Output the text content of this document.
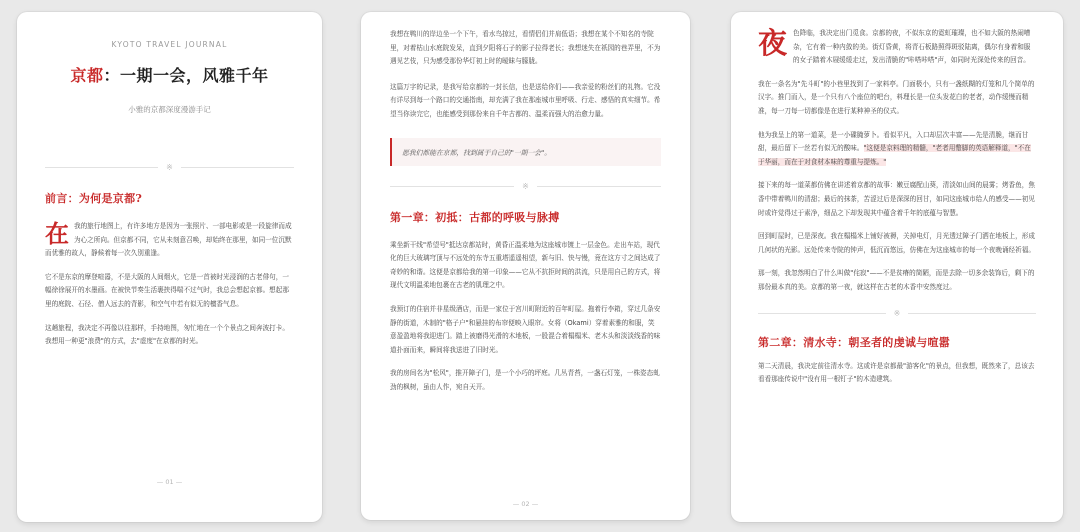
KYOTO TRAVEL JOURNAL
京都：一期一会，风雅千年
小雅的京都深度漫游手记
※
前言：为何是京都?
在 我的旅行地图上，有许多地方是因为一张照片、一部电影或是一段旋律而成为心之所向。但京都不同，它从未刻意召唤，却始终在那里，如同一位沉默而优雅的故人，静候着每一次久别重逢。

它不是东京的摩登喧嚣，不是大阪的人间烟火，它是一首被时光浸润的古老俳句，一幅徐徐展开的水墨画。在被快节奏生活裹挟得喘不过气时，我总会想起京都。想起那里的庭院、石径、僧人远去的背影，和空气中若有似无的檀香气息。

这趟旅程，我决定不再像以往那样，手持地图，匆忙地在一个个景点之间奔波打卡。我想用一种更"浪费"的方式，去"虚度"在京都的时光。

— 01 —

我想在鸭川的岸边坐一个下午，看水鸟掠过，看情侣们并肩低语；我想在某个不知名的寺院里，对着枯山水庭院发呆，直到夕阳将石子的影子拉得老长；我想迷失在祇园的巷弄里，不为遇见艺伎，只为感受那份华灯初上时的暧昧与朦胧。

这篇万字的记录，是我写给京都的一封长信，也是送给你们——我亲爱的粉丝们的礼物。它没有详尽到每一个路口的交通指南，却充满了我在那座城市里呼吸、行走、感悟的真实细节。希望当你读完它，也能感受到那份来自千年古都的、温柔而强大的治愈力量。

愿我们都能在京都，找到属于自己的"一期一会"。
※
第一章：初抵：古都的呼吸与脉搏

乘坐新干线"希望号"抵达京都站时，黄昏正温柔地为这座城市镀上一层金色。走出车站，现代化的巨大玻璃穹顶与不远处的东寺五重塔遥遥相望，新与旧、快与慢，竟在这方寸之间达成了奇妙的和谐。这便是京都给我的第一印象——它从不抗拒时间的洪流，只是用自己的方式，将现代文明温柔地包裹在古老的肌理之中。

我预订的住宿并非星级酒店，而是一家位于宫川町附近的百年町屋。拖着行李箱，穿过几条安静的街道，木制的"格子户"和悬挂的布帘便映入眼帘。女将（Okami）穿着素雅的和服，笑意盈盈地将我迎进门。踏上被磨得光滑的木地板，一股混合着榻榻米、老木头和淡淡线香的味道扑面而来，瞬间将我送进了旧时光。

我的房间名为"松风"，推开障子门，是一个小巧的坪庭。几丛青苔，一盏石灯笼，一株姿态虬劲的枫树，虽由人作，宛自天开。

— 02 —
夜 色降临，我决定出门觅食。京都的夜，不似东京的霓虹璀璨，也不如大阪的热闹嘈杂，它有着一种内敛的美。街灯昏黄，将青石板路照得斑驳陆离，偶尔有身着和服的女子踏着木屐缓缓走过，发出清脆的"咔嗒咔嗒"声，如同时光深处传来的回音。

我在一条名为"先斗町"的小巷里找到了一家料亭。门面极小，只有一盏纸糊的灯笼和几个简单的汉字。推门而入，是一个只有八个座位的吧台，料理长是一位头发花白的老者，动作缓慢而精准，每一刀每一切都像是在进行某种神圣的仪式。

他为我呈上的第一道菜，是一小碟腌萝卜。看似平凡，入口却层次丰富——先是清脆，继而甘甜，最后留下一丝若有似无的酸味。"这便是京料理的精髓，"老者用蹩脚的英语解释道，"不在于华丽，而在于对食材本味的尊重与提炼。"

接下来的每一道菜都仿佛在讲述着京都的故事：嫩豆腐配山葵，清淡如山间的晨雾；烤香鱼，焦香中带着鸭川的清甜；最后的抹茶，苦涩过后是深深的回甘，如同这座城市给人的感受——初见时或许觉得过于素净，细品之下却发现其中蕴含着千年的底蕴与智慧。

回到町屋时，已是深夜。我在榻榻米上铺好被褥，关掉电灯，月光透过障子门洒在地板上，形成几何状的光影。远处传来寺院的钟声，低沉而悠远，仿佛在为这座城市的每一个夜晚诵经祈福。

那一刻，我忽然明白了什么叫做"侘寂"——不是贫瘠的简陋，而是去除一切多余装饰后，剩下的那份最本真的美。京都的第一夜，就这样在古老的木香中安然度过。

※
第二章：清水寺：朝圣者的虔诚与喧嚣

第二天清晨，我决定前往清水寺。这或许是京都最"游客化"的景点，但我想，既然来了，总该去看看那座传说中"没有用一根钉子"的木造建筑。
